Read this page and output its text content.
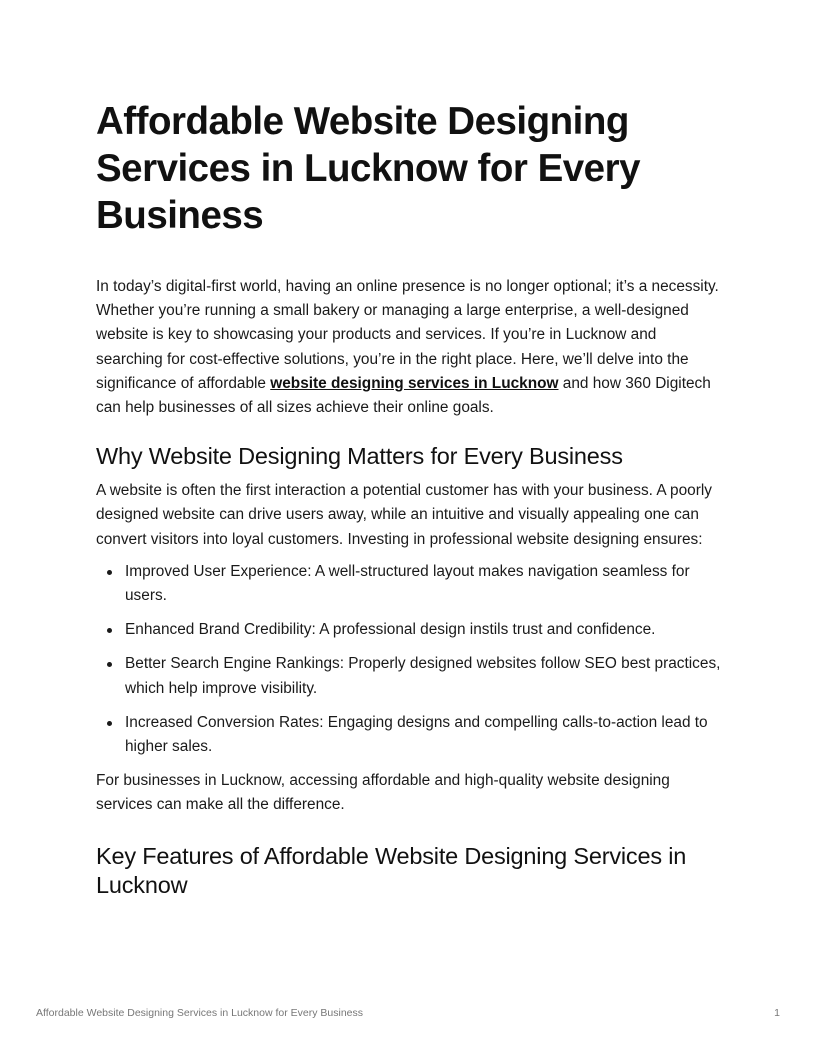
Affordable Website Designing Services in Lucknow for Every Business

In today’s digital-first world, having an online presence is no longer optional; it’s a necessity. Whether you’re running a small bakery or managing a large enterprise, a well-designed website is key to showcasing your products and services. If you’re in Lucknow and searching for cost-effective solutions, you’re in the right place. Here, we’ll delve into the significance of affordable website designing services in Lucknow and how 360 Digitech can help businesses of all sizes achieve their online goals.

Why Website Designing Matters for Every Business

A website is often the first interaction a potential customer has with your business. A poorly designed website can drive users away, while an intuitive and visually appealing one can convert visitors into loyal customers. Investing in professional website designing ensures:

Improved User Experience: A well-structured layout makes navigation seamless for users.
Enhanced Brand Credibility: A professional design instils trust and confidence.
Better Search Engine Rankings: Properly designed websites follow SEO best practices, which help improve visibility.
Increased Conversion Rates: Engaging designs and compelling calls-to-action lead to higher sales.

For businesses in Lucknow, accessing affordable and high-quality website designing services can make all the difference.

Key Features of Affordable Website Designing Services in Lucknow
Affordable Website Designing Services in Lucknow for Every Business	1
